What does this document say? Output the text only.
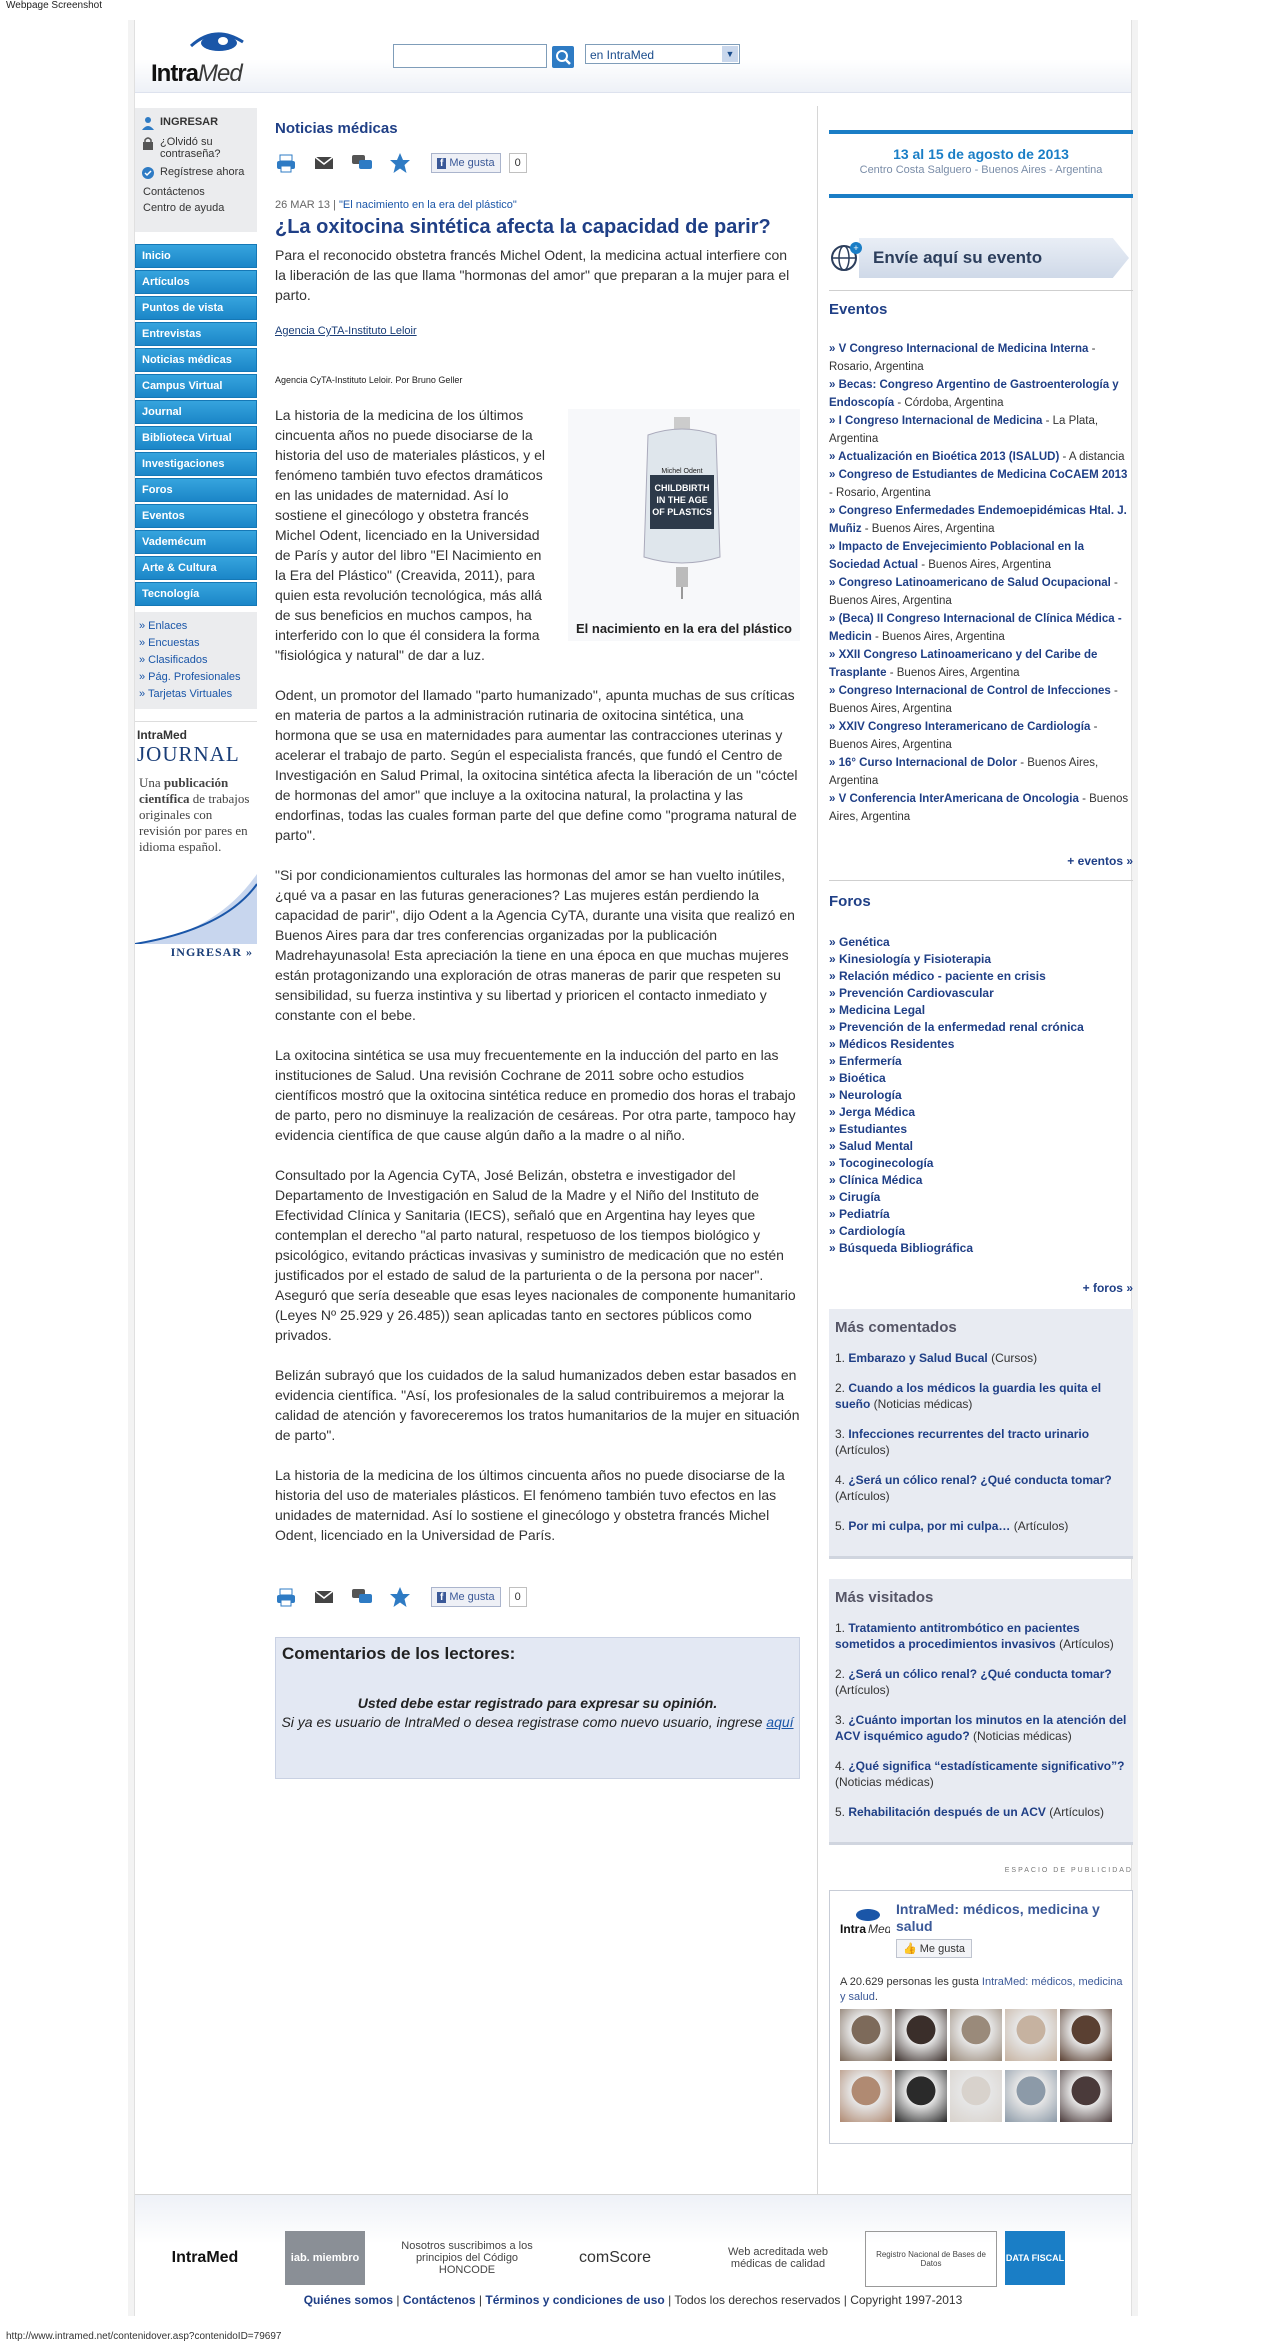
Webpage Screenshot
IntraMed
en IntraMed	▼
INGRESAR
¿Olvidó su contraseña?
Regístrese ahora
Contáctenos
Centro de ayuda
Inicio
Artículos
Puntos de vista
Entrevistas
Noticias médicas
Campus Virtual
Journal
Biblioteca Virtual
Investigaciones
Foros
Eventos
Vademécum
Arte & Cultura
Tecnología
» Enlaces
» Encuestas
» Clasificados
» Pág. Profesionales
» Tarjetas Virtuales
IntraMed
JOURNAL
Una publicación científica de trabajos originales con revisión por pares en idioma español.
INGRESAR »
Noticias médicas
f Me gusta	0
26 MAR 13 | "El nacimiento en la era del plástico"
¿La oxitocina sintética afecta la capacidad de parir?
Para el reconocido obstetra francés Michel Odent, la medicina actual interfiere con la liberación de las que llama "hormonas del amor" que preparan a la mujer para el parto.
Agencia CyTA-Instituto Leloir
Agencia CyTA-Instituto Leloir. Por Bruno Geller
Michel Odent
CHILDBIRTH
IN THE AGE
OF PLASTICS
El nacimiento en la era del plástico

La historia de la medicina de los últimos cincuenta años no puede disociarse de la historia del uso de materiales plásticos, y el fenómeno también tuvo efectos dramáticos en las unidades de maternidad. Así lo sostiene el ginecólogo y obstetra francés Michel Odent, licenciado en la Universidad de París y autor del libro "El Nacimiento en la Era del Plástico" (Creavida, 2011), para quien esta revolución tecnológica, más allá de sus beneficios en muchos campos, ha interferido con lo que él considera la forma "fisiológica y natural" de dar a luz.

Odent, un promotor del llamado "parto humanizado", apunta muchas de sus críticas en materia de partos a la administración rutinaria de oxitocina sintética, una hormona que se usa en maternidades para aumentar las contracciones uterinas y acelerar el trabajo de parto. Según el especialista francés, que fundó el Centro de Investigación en Salud Primal, la oxitocina sintética afecta la liberación de un "cóctel de hormonas del amor" que incluye a la oxitocina natural, la prolactina y las endorfinas, todas las cuales forman parte del que define como "programa natural de parto".

"Si por condicionamientos culturales las hormonas del amor se han vuelto inútiles, ¿qué va a pasar en las futuras generaciones? Las mujeres están perdiendo la capacidad de parir", dijo Odent a la Agencia CyTA, durante una visita que realizó en Buenos Aires para dar tres conferencias organizadas por la publicación Madrehayunasola! Esta apreciación la tiene en una época en que muchas mujeres están protagonizando una exploración de otras maneras de parir que respeten su sensibilidad, su fuerza instintiva y su libertad y prioricen el contacto inmediato y constante con el bebe.

La oxitocina sintética se usa muy frecuentemente en la inducción del parto en las instituciones de Salud. Una revisión Cochrane de 2011 sobre ocho estudios científicos mostró que la oxitocina sintética reduce en promedio dos horas el trabajo de parto, pero no disminuye la realización de cesáreas. Por otra parte, tampoco hay evidencia científica de que cause algún daño a la madre o al niño.

Consultado por la Agencia CyTA, José Belizán, obstetra e investigador del Departamento de Investigación en Salud de la Madre y el Niño del Instituto de Efectividad Clínica y Sanitaria (IECS), señaló que en Argentina hay leyes que contemplan el derecho "al parto natural, respetuoso de los tiempos biológico y psicológico, evitando prácticas invasivas y suministro de medicación que no estén justificados por el estado de salud de la parturienta o de la persona por nacer". Aseguró que sería deseable que esas leyes nacionales de componente humanitario (Leyes Nº 25.929 y 26.485)) sean aplicadas tanto en sectores públicos como privados.

Belizán subrayó que los cuidados de la salud humanizados deben estar basados en evidencia científica. "Así, los profesionales de la salud contribuiremos a mejorar la calidad de atención y favoreceremos los tratos humanitarios de la mujer en situación de parto".

La historia de la medicina de los últimos cincuenta años no puede disociarse de la historia del uso de materiales plásticos. El fenómeno también tuvo efectos en las unidades de maternidad. Así lo sostiene el ginecólogo y obstetra francés Michel Odent, licenciado en la Universidad de París.

f Me gusta	0
Comentarios de los lectores:
Usted debe estar registrado para expresar su opinión.
Si ya es usuario de IntraMed o desea registrase como nuevo usuario, ingrese aquí
13 al 15 de agosto de 2013
Centro Costa Salguero - Buenos Aires - Argentina
+ Envíe aquí su evento
Eventos
» V Congreso Internacional de Medicina Interna - Rosario, Argentina
» Becas: Congreso Argentino de Gastroenterología y Endoscopía - Córdoba, Argentina
» I Congreso Internacional de Medicina - La Plata, Argentina
» Actualización en Bioética 2013 (ISALUD) - A distancia
» Congreso de Estudiantes de Medicina CoCAEM 2013 - Rosario, Argentina
» Congreso Enfermedades Endemoepidémicas Htal. J. Muñiz - Buenos Aires, Argentina
» Impacto de Envejecimiento Poblacional en la Sociedad Actual - Buenos Aires, Argentina
» Congreso Latinoamericano de Salud Ocupacional - Buenos Aires, Argentina
» (Beca) II Congreso Internacional de Clínica Médica - Medicin - Buenos Aires, Argentina
» XXII Congreso Latinoamericano y del Caribe de Trasplante - Buenos Aires, Argentina
» Congreso Internacional de Control de Infecciones - Buenos Aires, Argentina
» XXIV Congreso Interamericano de Cardiología - Buenos Aires, Argentina
» 16° Curso Internacional de Dolor - Buenos Aires, Argentina
» V Conferencia InterAmericana de Oncologia - Buenos Aires, Argentina
+ eventos »
Foros
» Genética
» Kinesiología y Fisioterapia
» Relación médico - paciente en crisis
» Prevención Cardiovascular
» Medicina Legal
» Prevención de la enfermedad renal crónica
» Médicos Residentes
» Enfermería
» Bioética
» Neurología
» Jerga Médica
» Estudiantes
» Salud Mental
» Tocoginecología
» Clínica Médica
» Cirugía
» Pediatría
» Cardiología
» Búsqueda Bibliográfica
+ foros »
Más comentados
1. Embarazo y Salud Bucal (Cursos)
2. Cuando a los médicos la guardia les quita el sueño (Noticias médicas)
3. Infecciones recurrentes del tracto urinario (Artículos)
4. ¿Será un cólico renal? ¿Qué conducta tomar? (Artículos)
5. Por mi culpa, por mi culpa… (Artículos)
Más visitados
1. Tratamiento antitrombótico en pacientes sometidos a procedimientos invasivos (Artículos)
2. ¿Será un cólico renal? ¿Qué conducta tomar? (Artículos)
3. ¿Cuánto importan los minutos en la atención del ACV isquémico agudo? (Noticias médicas)
4. ¿Qué significa “estadísticamente significativo”? (Noticias médicas)
5. Rehabilitación después de un ACV (Artículos)
ESPACIO DE PUBLICIDAD
Intra Med
IntraMed: médicos, medicina y salud
👍 Me gusta
A 20.629 personas les gusta IntraMed: médicos, medicina y salud.
IntraMed	iab. miembro
Nosotros suscribimos a los principios del Código HONCODE
comScore	Web acreditada web médicas de calidad
Registro Nacional de Bases de Datos
DATA FISCAL
Quiénes somos | Contáctenos | Términos y condiciones de uso | Todos los derechos reservados | Copyright 1997-2013
http://www.intramed.net/contenidover.asp?contenidoID=79697
